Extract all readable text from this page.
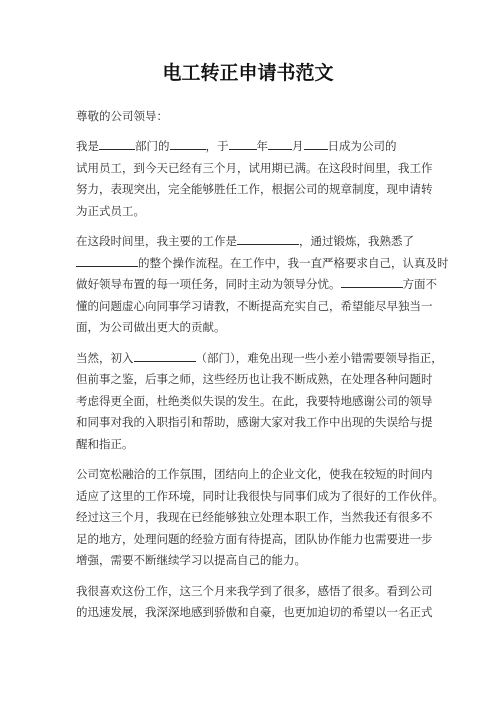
电工转正申请书范文
尊敬的公司领导：
我是	部门的	，于 年 月 日成为公司的
试用员工，到今天已经有三个月，试用期已满。在这段时间里，我工作
努力，表现突出，完全能够胜任工作，根据公司的规章制度，现申请转
为正式员工。
在这段时间里，我主要的工作是	，通过锻炼，我熟悉了
的整个操作流程。在工作中，我一直严格要求自己，认真及时
做好领导布置的每一项任务，同时主动为领导分忧。	方面不
懂的问题虚心向同事学习请教，不断提高充实自己，希望能尽早独当一
面，为公司做出更大的贡献。
当然，初入	（部门），难免出现一些小差小错需要领导指正，
但前事之鉴，后事之师，这些经历也让我不断成熟，在处理各种问题时
考虑得更全面，杜绝类似失误的发生。在此，我要特地感谢公司的领导
和同事对我的入职指引和帮助，感谢大家对我工作中出现的失误给与提
醒和指正。
公司宽松融洽的工作氛围，团结向上的企业文化，使我在较短的时间内
适应了这里的工作环境，同时让我很快与同事们成为了很好的工作伙伴。
经过这三个月，我现在已经能够独立处理本职工作，当然我还有很多不
足的地方，处理问题的经验方面有待提高，团队协作能力也需要进一步
增强，需要不断继续学习以提高自己的能力。
我很喜欢这份工作，这三个月来我学到了很多，感悟了很多。看到公司
的迅速发展，我深深地感到骄傲和自豪，也更加迫切的希望以一名正式
